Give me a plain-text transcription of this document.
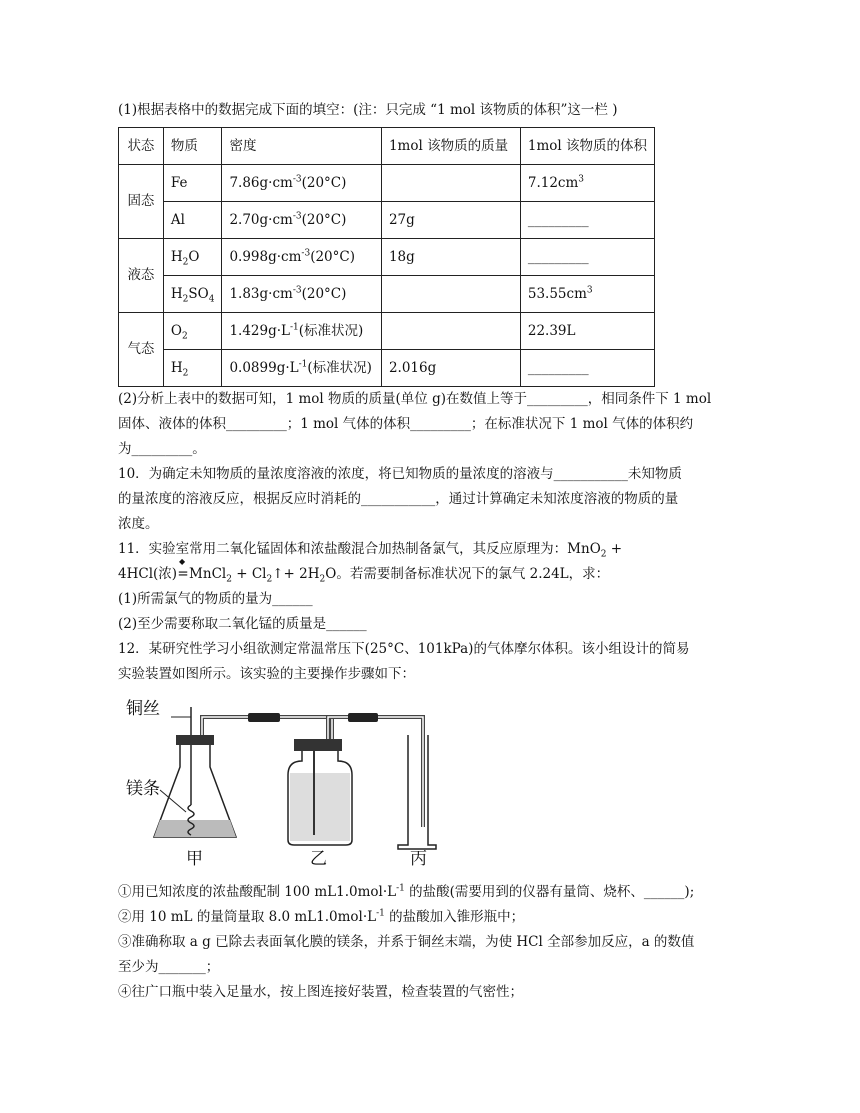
(1)根据表格中的数据完成下面的填空：(注：只完成 “1 mol 该物质的体积”这一栏 )
状态	物质	密度	1mol 该物质的质量	1mol 该物质的体积
固态	Fe	$7.86g\cdot cm^{-3}(20^\circ C)$		$7.12cm^3$
	Al	$2.70g\cdot cm^{-3}(20^\circ C)$	27g	_________
液态	$H_2O$	$0.998g\cdot cm^{-3}(20^\circ C)$	18g	_________
	$H_2SO_4$	$1.83g\cdot cm^{-3}(20^\circ C)$		$53.55cm^3$
气态	$O_2$	$1.429g\cdot L^{-1}$(标准状况)		22.39L
	$H_2$	$0.0899g\cdot L^{-1}$(标准状况)	2.016g	_________
(2)分析上表中的数据可知，1 mol 物质的质量(单位 g)在数值上等于_________，相同条件下 1 mol
固体、液体的体积_________；1 mol 气体的体积_________；在标准状况下 1 mol 气体的体积约
为_________。
10．为确定未知物质的量浓度溶液的浓度，将已知物质的量浓度的溶液与___________未知物质
的量浓度的溶液反应，根据反应时消耗的___________，通过计算确定未知浓度溶液的物质的量
浓度。
11．实验室常用二氧化锰固体和浓盐酸混合加热制备氯气，其反应原理为：MnO$_2$ +
4HCl(浓)
◆
=MnCl$_2$ + $Cl_2↑+ 2H_2O$。若需要制备标准状况下的氯气 2.24L，求：
(1)所需氯气的物质的量为______
(2)至少需要称取二氧化锰的质量是______
12．某研究性学习小组欲测定常温常压下(25°C、101kPa)的气体摩尔体积。该小组设计的简易
实验装置如图所示。该实验的主要操作步骤如下：
铜丝
镁条
甲	乙	丙
①用已知浓度的浓盐酸配制 100 $mL1.0mol\cdot L^{-1}$ 的盐酸(需要用到的仪器有量筒、烧杯、______);
②用 10 mL 的量筒量取 8.0 $mL1.0mol\cdot L^{-1}$ 的盐酸加入锥形瓶中；
③准确称取 a g 已除去表面氧化膜的镁条，并系于铜丝末端，为使 HCl 全部参加反应，a 的数值
至少为_______；
④往广口瓶中装入足量水，按上图连接好装置，检查装置的气密性；
